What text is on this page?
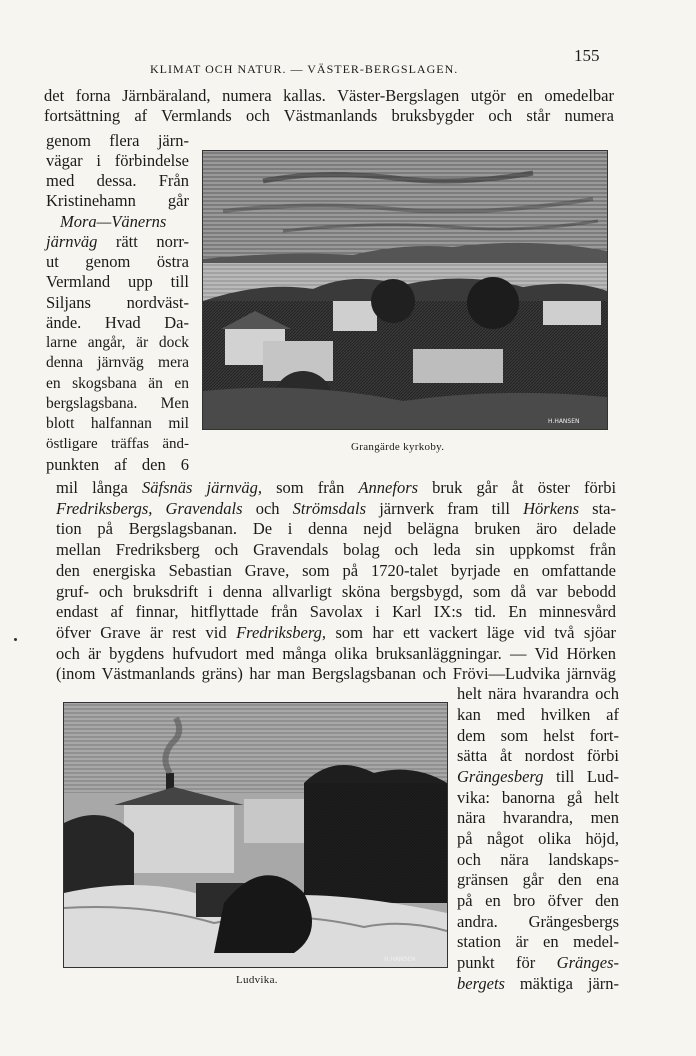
KLIMAT OCH NATUR. — VÄSTER-BERGSLAGEN.
155
det forna Järnbäraland, numera kallas. Väster-Bergslagen utgör en omedelbar
fortsättning af Vermlands och Västmanlands bruksbygder och står numera
genom flera järn-
vägar i förbindelse
med dessa. Från
Kristinehamn går
Mora—Vänerns
järnväg rätt norr-
ut genom östra
Vermland upp till
Siljans nordväst-
ände. Hvad Da-
larne angår, är dock
denna järnväg mera
en skogsbana än en
bergslagsbana. Men
blott halfannan mil
östligare träffas änd-
punkten af den 6
H.HANSEN
Grangärde kyrkoby.
mil långa Säfsnäs järnväg, som från Annefors bruk går åt öster förbi
Fredriksbergs, Gravendals och Strömsdals järnverk fram till Hörkens sta-
tion på Bergslagsbanan. De i denna nejd belägna bruken äro delade
mellan Fredriksberg och Gravendals bolag och leda sin uppkomst från
den energiska Sebastian Grave, som på 1720-talet byrjade en omfattande
gruf- och bruksdrift i denna allvarligt sköna bergsbygd, som då var bebodd
endast af finnar, hitflyttade från Savolax i Karl IX:s tid. En minnesvård
öfver Grave är rest vid Fredriksberg, som har ett vackert läge vid två sjöar
och är bygdens hufvudort med många olika bruksanläggningar. — Vid Hörken
(inom Västmanlands gräns) har man Bergslagsbanan och Frövi—Ludvika järnväg
H.HANSEN
Ludvika.
helt nära hvarandra och
kan med hvilken af
dem som helst fort-
sätta åt nordost förbi
Grängesberg till Lud-
vika: banorna gå helt
nära hvarandra, men
på något olika höjd,
och nära landskaps-
gränsen går den ena
på en bro öfver den
andra. Grängesbergs
station är en medel-
punkt för Gränges-
bergets mäktiga järn-
